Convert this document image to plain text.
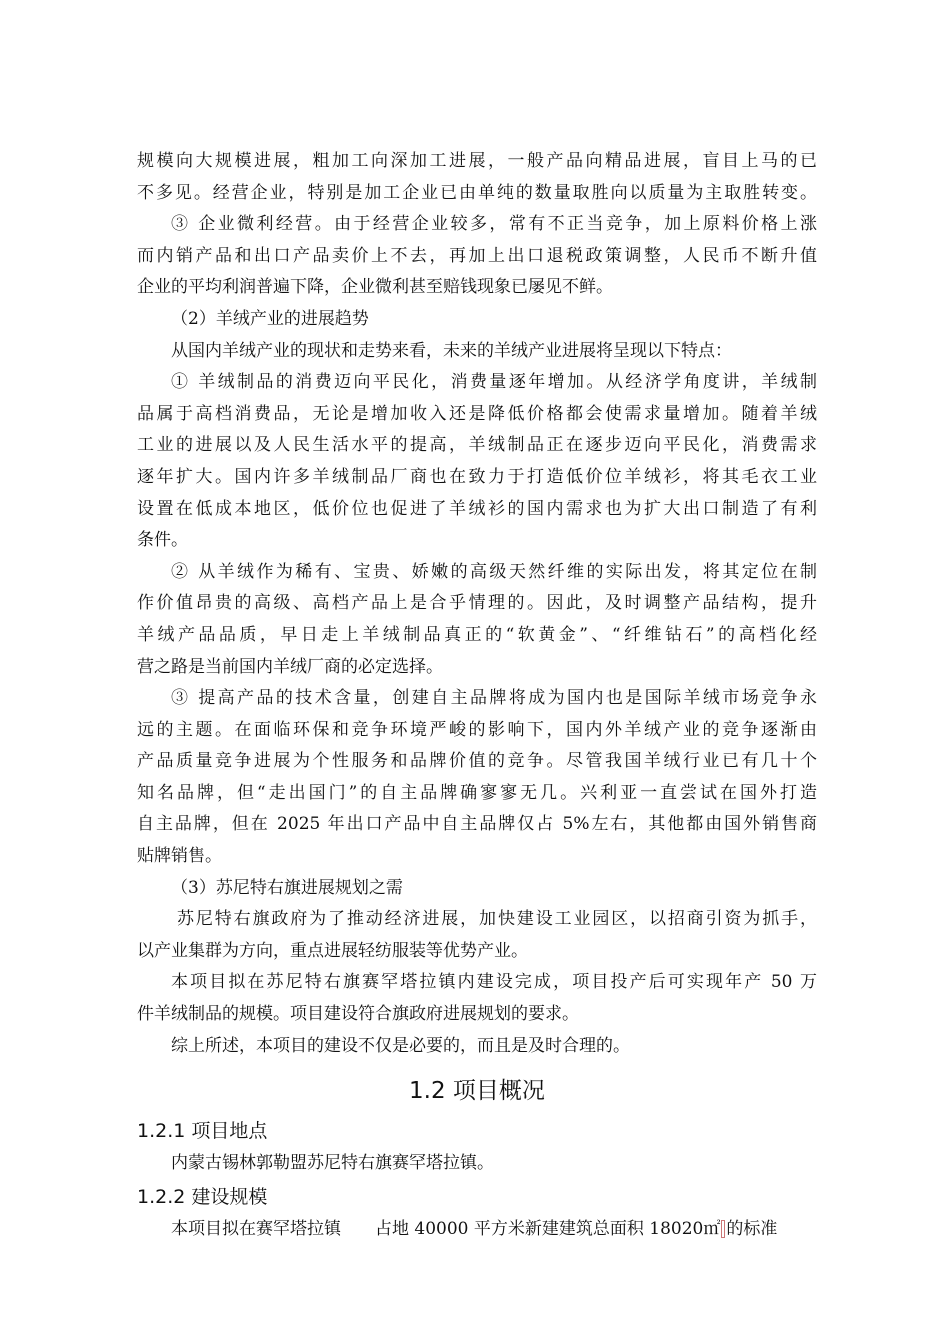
规模向大规模进展，粗加工向深加工进展，一般产品向精品进展，盲目上马的已
不多见。经营企业，特别是加工企业已由单纯的数量取胜向以质量为主取胜转变。
③ 企业微利经营。由于经营企业较多，常有不正当竞争，加上原料价格上涨
而内销产品和出口产品卖价上不去，再加上出口退税政策调整，人民币不断升值
企业的平均利润普遍下降，企业微利甚至赔钱现象已屡见不鲜。
（2）羊绒产业的进展趋势
从国内羊绒产业的现状和走势来看，未来的羊绒产业进展将呈现以下特点：
① 羊绒制品的消费迈向平民化，消费量逐年增加。从经济学角度讲，羊绒制
品属于高档消费品，无论是增加收入还是降低价格都会使需求量增加。随着羊绒
工业的进展以及人民生活水平的提高，羊绒制品正在逐步迈向平民化，消费需求
逐年扩大。国内许多羊绒制品厂商也在致力于打造低价位羊绒衫，将其毛衣工业
设置在低成本地区，低价位也促进了羊绒衫的国内需求也为扩大出口制造了有利
条件。
② 从羊绒作为稀有、宝贵、娇嫩的高级天然纤维的实际出发，将其定位在制
作价值昂贵的高级、高档产品上是合乎情理的。因此，及时调整产品结构，提升
羊绒产品品质，早日走上羊绒制品真正的“软黄金”、“纤维钻石”的高档化经
营之路是当前国内羊绒厂商的必定选择。
③ 提高产品的技术含量，创建自主品牌将成为国内也是国际羊绒市场竞争永
远的主题。在面临环保和竞争环境严峻的影响下，国内外羊绒产业的竞争逐渐由
产品质量竞争进展为个性服务和品牌价值的竞争。尽管我国羊绒行业已有几十个
知名品牌，但“走出国门”的自主品牌确寥寥无几。兴利亚一直尝试在国外打造
自主品牌，但在 2025 年出口产品中自主品牌仅占 5%左右，其他都由国外销售商
贴牌销售。
（3）苏尼特右旗进展规划之需
苏尼特右旗政府为了推动经济进展，加快建设工业园区，以招商引资为抓手，
以产业集群为方向，重点进展轻纺服装等优势产业。
本项目拟在苏尼特右旗赛罕塔拉镇内建设完成，项目投产后可实现年产 50 万
件羊绒制品的规模。项目建设符合旗政府进展规划的要求。
综上所述，本项目的建设不仅是必要的，而且是及时合理的。
1.2 项目概况
1.2.1 项目地点
内蒙古锡林郭勒盟苏尼特右旗赛罕塔拉镇。
1.2.2 建设规模
本项目拟在赛罕塔拉镇 占地 40000 平方米新建建筑总面积 18020㎡ 的标准
